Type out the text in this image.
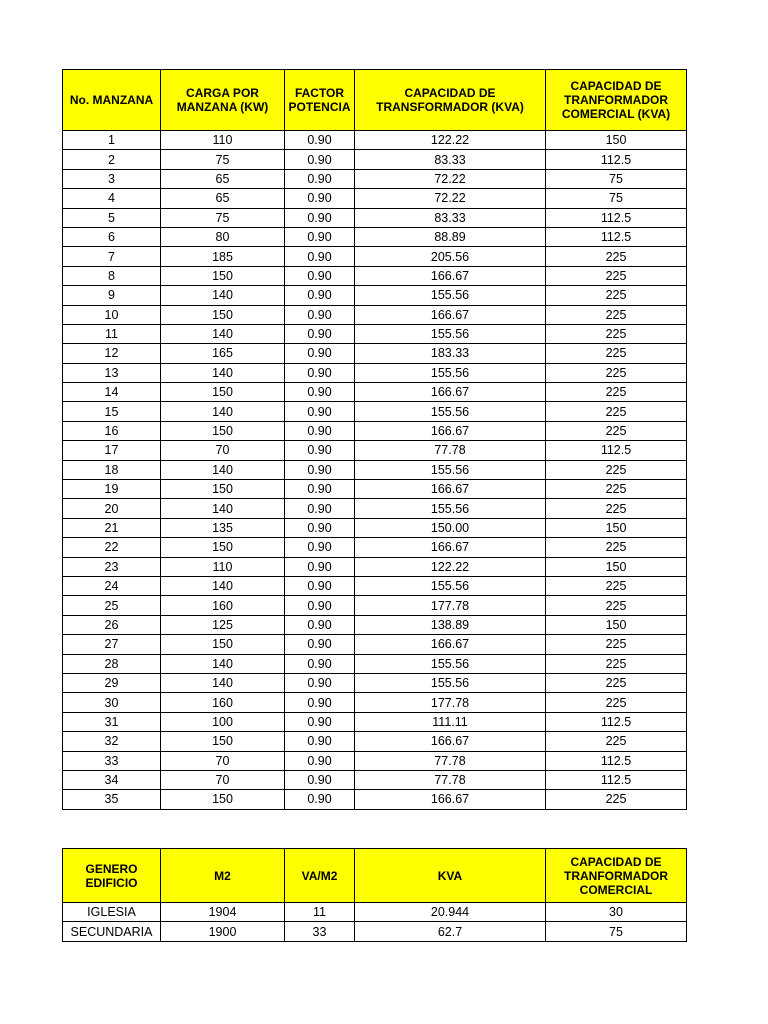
No. MANZANA	CARGA POR MANZANA (KW)	FACTOR POTENCIA	CAPACIDAD DE TRANSFORMADOR (KVA)	CAPACIDAD DE TRANFORMADOR COMERCIAL (KVA)
1	110	0.90	122.22	150
2	75	0.90	83.33	112.5
3	65	0.90	72.22	75
4	65	0.90	72.22	75
5	75	0.90	83.33	112.5
6	80	0.90	88.89	112.5
7	185	0.90	205.56	225
8	150	0.90	166.67	225
9	140	0.90	155.56	225
10	150	0.90	166.67	225
11	140	0.90	155.56	225
12	165	0.90	183.33	225
13	140	0.90	155.56	225
14	150	0.90	166.67	225
15	140	0.90	155.56	225
16	150	0.90	166.67	225
17	70	0.90	77.78	112.5
18	140	0.90	155.56	225
19	150	0.90	166.67	225
20	140	0.90	155.56	225
21	135	0.90	150.00	150
22	150	0.90	166.67	225
23	110	0.90	122.22	150
24	140	0.90	155.56	225
25	160	0.90	177.78	225
26	125	0.90	138.89	150
27	150	0.90	166.67	225
28	140	0.90	155.56	225
29	140	0.90	155.56	225
30	160	0.90	177.78	225
31	100	0.90	111.11	112.5
32	150	0.90	166.67	225
33	70	0.90	77.78	112.5
34	70	0.90	77.78	112.5
35	150	0.90	166.67	225
GENERO EDIFICIO	M2	VA/M2	KVA	CAPACIDAD DE TRANFORMADOR COMERCIAL
IGLESIA	1904	11	20.944	30
SECUNDARIA	1900	33	62.7	75
